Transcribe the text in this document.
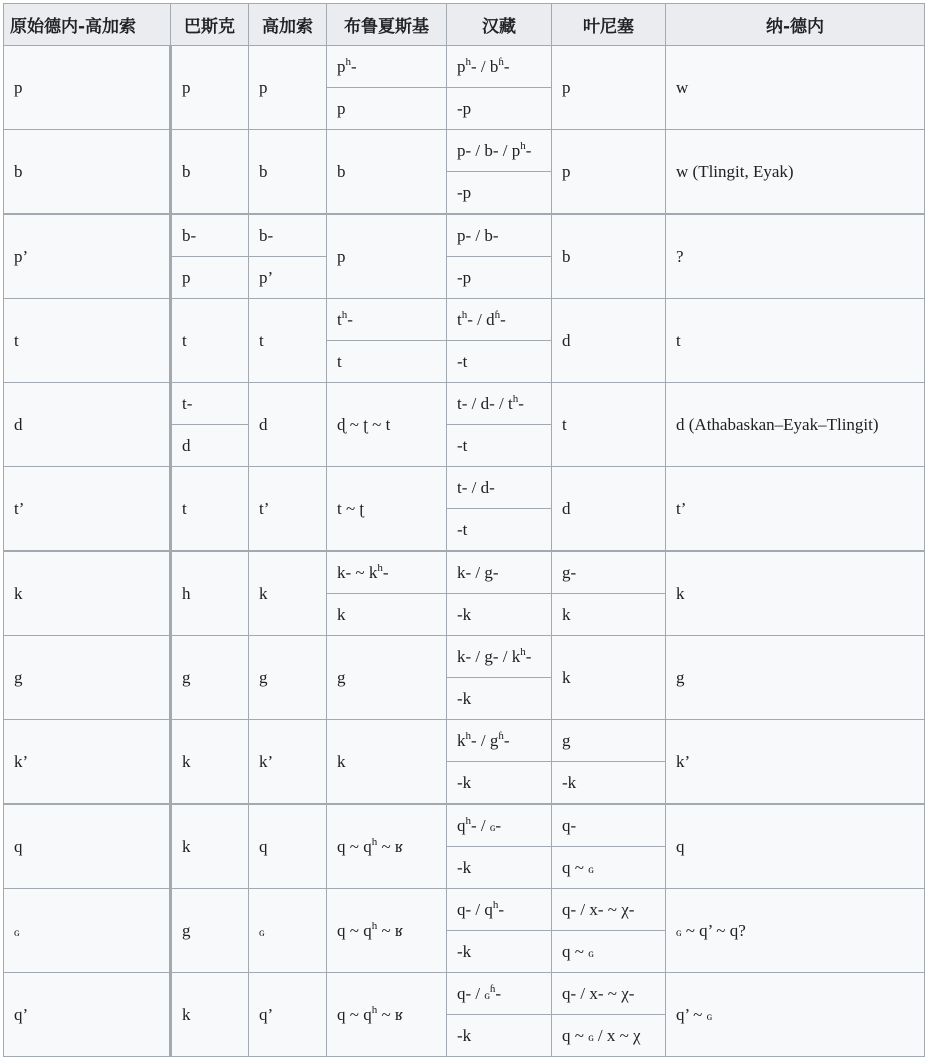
原始德内-高加索	巴斯克	高加索	布鲁夏斯基	汉藏	叶尼塞	纳-德内
p	p	p	$p^h-$	$p^h- / b^ɦ-$	p	w
			p	-p		
b	b	b	b	$p- / b- / p^h-$	p	w (Tlingit, Eyak)
				-p		
p’	b-	b-	p	p- / b-	b	?
	p	p’		-p		
t	t	t	$t^h-$	$t^h- / d^ɦ-$	d	t
			t	-t		
d	t-	d	ɖ ~ ʈ ~ t	$t- / d- / t^h-$	t	d (Athabaskan–Eyak–Tlingit)
	d			-t		
t’	t	t’	t ~ ʈ	t- / d-	d	t’
				-t		
k	h	k	k- ~ $k^h-$	k- / g-	g-	k
			k	-k	k	
g	g	g	g	$k- / g- / k^h-$	k	g
				-k		
k’	k	k’	k	$k^h- / g^ɦ-$	g	k’
				-k	-k	
q	k	q	q ~ $q^h$ ~ ʁ	$q^h-$ / ɢ-	q-	q
				-k	q ~ ɢ	
ɢ	g	ɢ	q ~ $q^h$ ~ ʁ	$q- / q^h-$	q- / x- ~ χ-	ɢ ~ q’ ~ q?
				-k	q ~ ɢ	
q’	k	q’	q ~ $q^h$ ~ ʁ	q- / ɢ$^ɦ$-	q- / x- ~ χ-	q’ ~ ɢ
				-k	q ~ ɢ / x ~ χ	
